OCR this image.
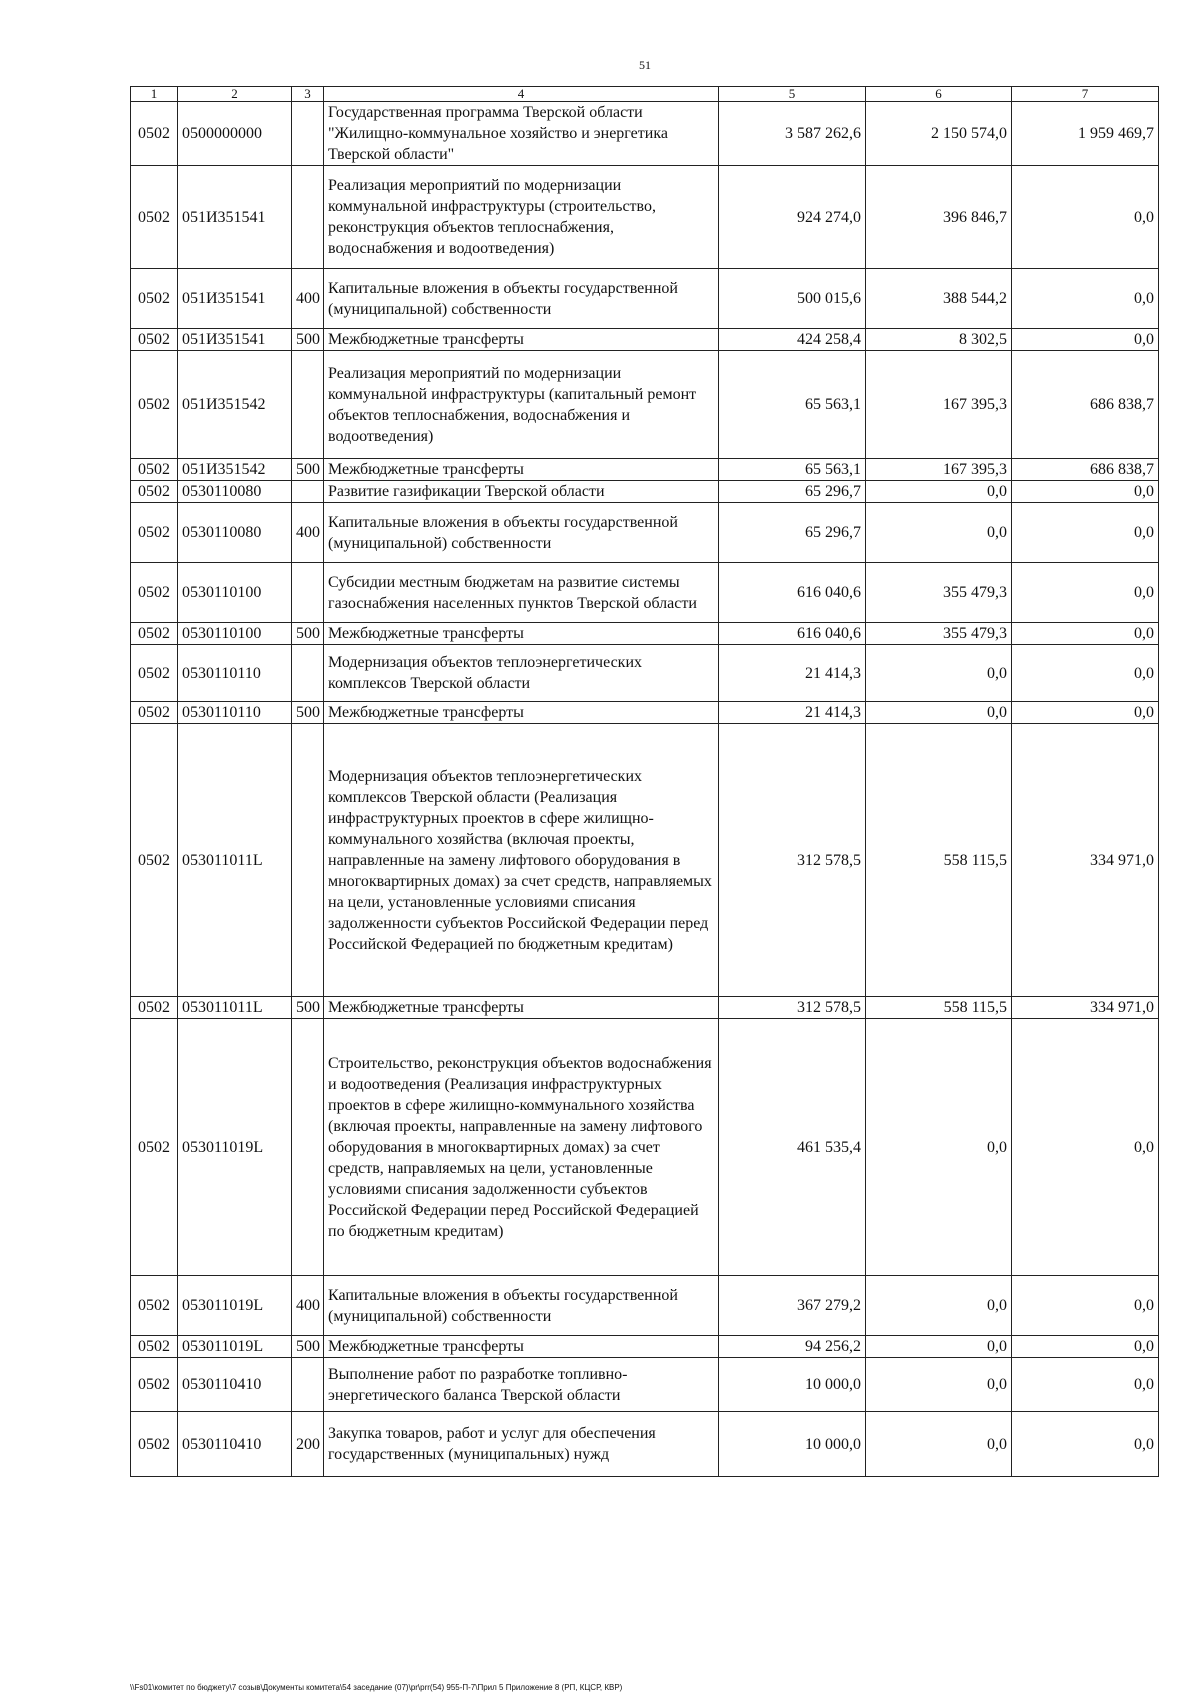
51
1	2	3	4	5	6	7
0502	0500000000		Государственная программа Тверской области "Жилищно-коммунальное хозяйство и энергетика Тверской области"	3 587 262,6	2 150 574,0	1 959 469,7
0502	051И351541		Реализация мероприятий по модернизации коммунальной инфраструктуры (строительство, реконструкция объектов теплоснабжения, водоснабжения и водоотведения)	924 274,0	396 846,7	0,0
0502	051И351541	400	Капитальные вложения в объекты государственной (муниципальной) собственности	500 015,6	388 544,2	0,0
0502	051И351541	500	Межбюджетные трансферты	424 258,4	8 302,5	0,0
0502	051И351542		Реализация мероприятий по модернизации коммунальной инфраструктуры (капитальный ремонт объектов теплоснабжения, водоснабжения и водоотведения)	65 563,1	167 395,3	686 838,7
0502	051И351542	500	Межбюджетные трансферты	65 563,1	167 395,3	686 838,7
0502	0530110080		Развитие газификации Тверской области	65 296,7	0,0	0,0
0502	0530110080	400	Капитальные вложения в объекты государственной (муниципальной) собственности	65 296,7	0,0	0,0
0502	0530110100		Субсидии местным бюджетам на развитие системы газоснабжения населенных пунктов Тверской области	616 040,6	355 479,3	0,0
0502	0530110100	500	Межбюджетные трансферты	616 040,6	355 479,3	0,0
0502	0530110110		Модернизация объектов теплоэнергетических комплексов Тверской области	21 414,3	0,0	0,0
0502	0530110110	500	Межбюджетные трансферты	21 414,3	0,0	0,0
0502	053011011L		Модернизация объектов теплоэнергетических комплексов Тверской области (Реализация инфраструктурных проектов в сфере жилищно-коммунального хозяйства (включая проекты, направленные на замену лифтового оборудования в многоквартирных домах) за счет средств, направляемых на цели, установленные условиями списания задолженности субъектов Российской Федерации перед Российской Федерацией по бюджетным кредитам)	312 578,5	558 115,5	334 971,0
0502	053011011L	500	Межбюджетные трансферты	312 578,5	558 115,5	334 971,0
0502	053011019L		Строительство, реконструкция объектов водоснабжения и водоотведения (Реализация инфраструктурных проектов в сфере жилищно-коммунального хозяйства (включая проекты, направленные на замену лифтового оборудования в многоквартирных домах) за счет средств, направляемых на цели, установленные условиями списания задолженности субъектов Российской Федерации перед Российской Федерацией по бюджетным кредитам)	461 535,4	0,0	0,0
0502	053011019L	400	Капитальные вложения в объекты государственной (муниципальной) собственности	367 279,2	0,0	0,0
0502	053011019L	500	Межбюджетные трансферты	94 256,2	0,0	0,0
0502	0530110410		Выполнение работ по разработке топливно-энергетического баланса Тверской области	10 000,0	0,0	0,0
0502	0530110410	200	Закупка товаров, работ и услуг для обеспечения государственных (муниципальных) нужд	10 000,0	0,0	0,0
\\Fs01\комитет по бюджету\7 созыв\Документы комитета\54 заседание (07)\pr\prr(54) 955-П-7\Прил 5 Приложение 8 (РП, КЦСР, КВР)
